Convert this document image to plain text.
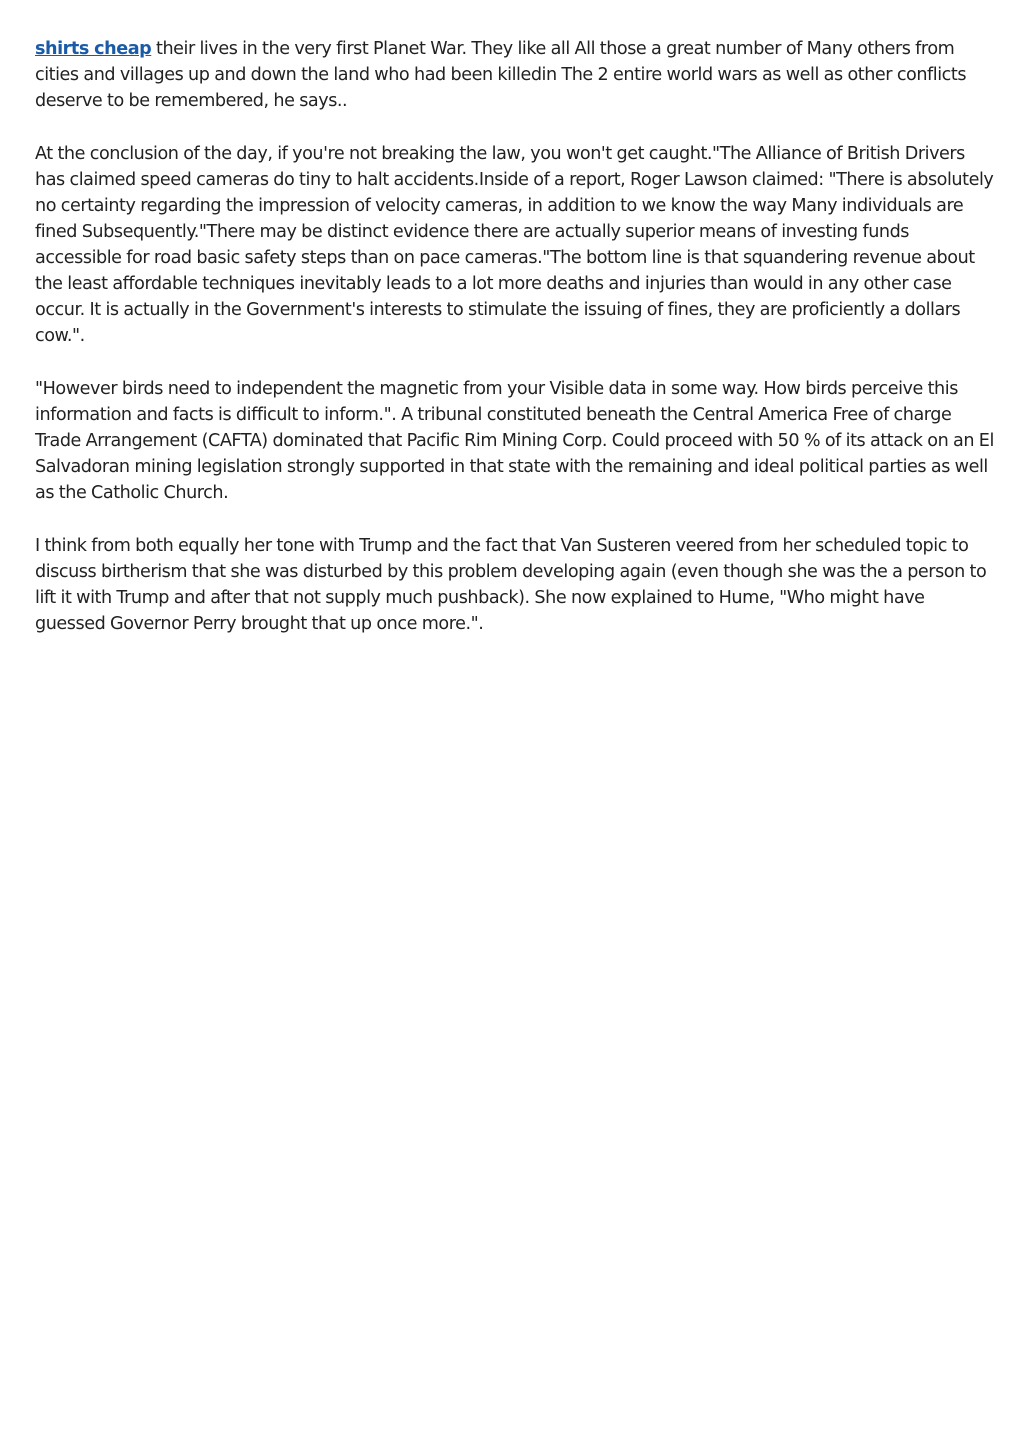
shirts cheap their lives in the very first Planet War. They like all All those a great number of Many others from cities and villages up and down the land who had been killedin The 2 entire world wars as well as other conflicts deserve to be remembered, he says..

At the conclusion of the day, if you're not breaking the law, you won't get caught."The Alliance of British Drivers has claimed speed cameras do tiny to halt accidents.Inside of a report, Roger Lawson claimed: "There is absolutely no certainty regarding the impression of velocity cameras, in addition to we know the way Many individuals are fined Subsequently."There may be distinct evidence there are actually superior means of investing funds accessible for road basic safety steps than on pace cameras."The bottom line is that squandering revenue about the least affordable techniques inevitably leads to a lot more deaths and injuries than would in any other case occur. It is actually in the Government's interests to stimulate the issuing of fines, they are proficiently a dollars cow.".

"However birds need to independent the magnetic from your Visible data in some way. How birds perceive this information and facts is difficult to inform.". A tribunal constituted beneath the Central America Free of charge Trade Arrangement (CAFTA) dominated that Pacific Rim Mining Corp. Could proceed with 50 % of its attack on an El Salvadoran mining legislation strongly supported in that state with the remaining and ideal political parties as well as the Catholic Church.

I think from both equally her tone with Trump and the fact that Van Susteren veered from her scheduled topic to discuss birtherism that she was disturbed by this problem developing again (even though she was the a person to lift it with Trump and after that not supply much pushback). She now explained to Hume, "Who might have guessed Governor Perry brought that up once more.".
